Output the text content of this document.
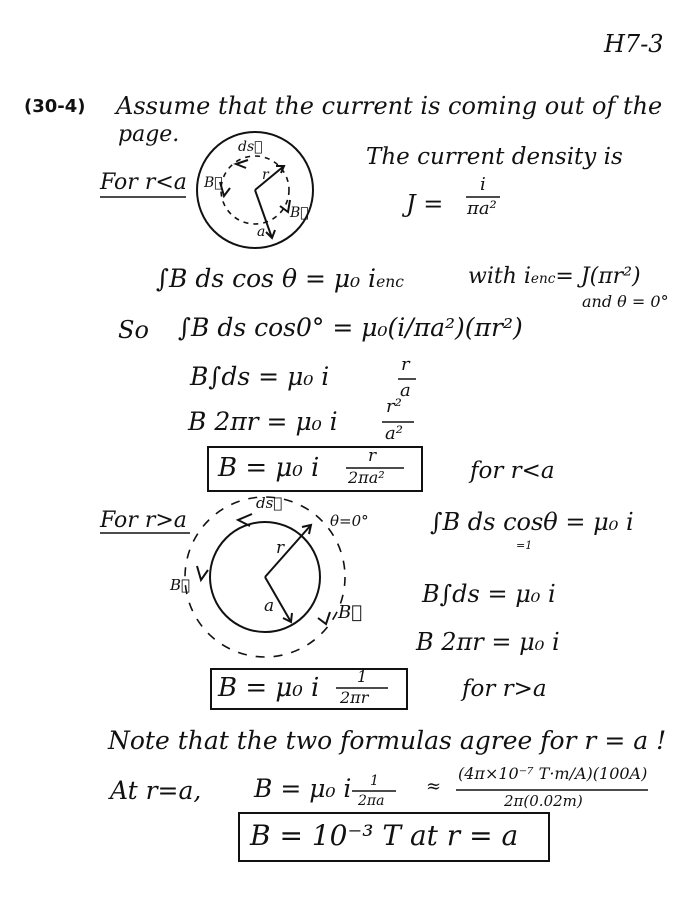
H7-3
(30-4) Assume that the current is coming out of the
page.
For r<a
ds⃗
B⃗	r
B⃗
a
The current density is
J =
i
πa²
∫B ds cos θ = μ₀ ienc	with ienc= J(πr²)
and θ = 0°
So ∫B ds cos0° = μ₀(i/πa²)(πr²)
B∫ds = μ₀ i	r
a
B 2πr = μ₀ i
r²
a²
B = μ₀ i	r
2πa²	for r<a
For r>a
ds⃗
θ=0°
B⃗
r
a	B⃗
∫B ds cosθ = μ₀ i
=1
B∫ds = μ₀ i
B 2πr = μ₀ i
B = μ₀ i 1
2πr	for r>a
Note that the two formulas agree for r = a !
At r=a, B = μ₀ i 1
2πa
≈
(4π×10⁻⁷ T·m/A)(100A)
2π(0.02m)
B = 10⁻³ T at r = a
